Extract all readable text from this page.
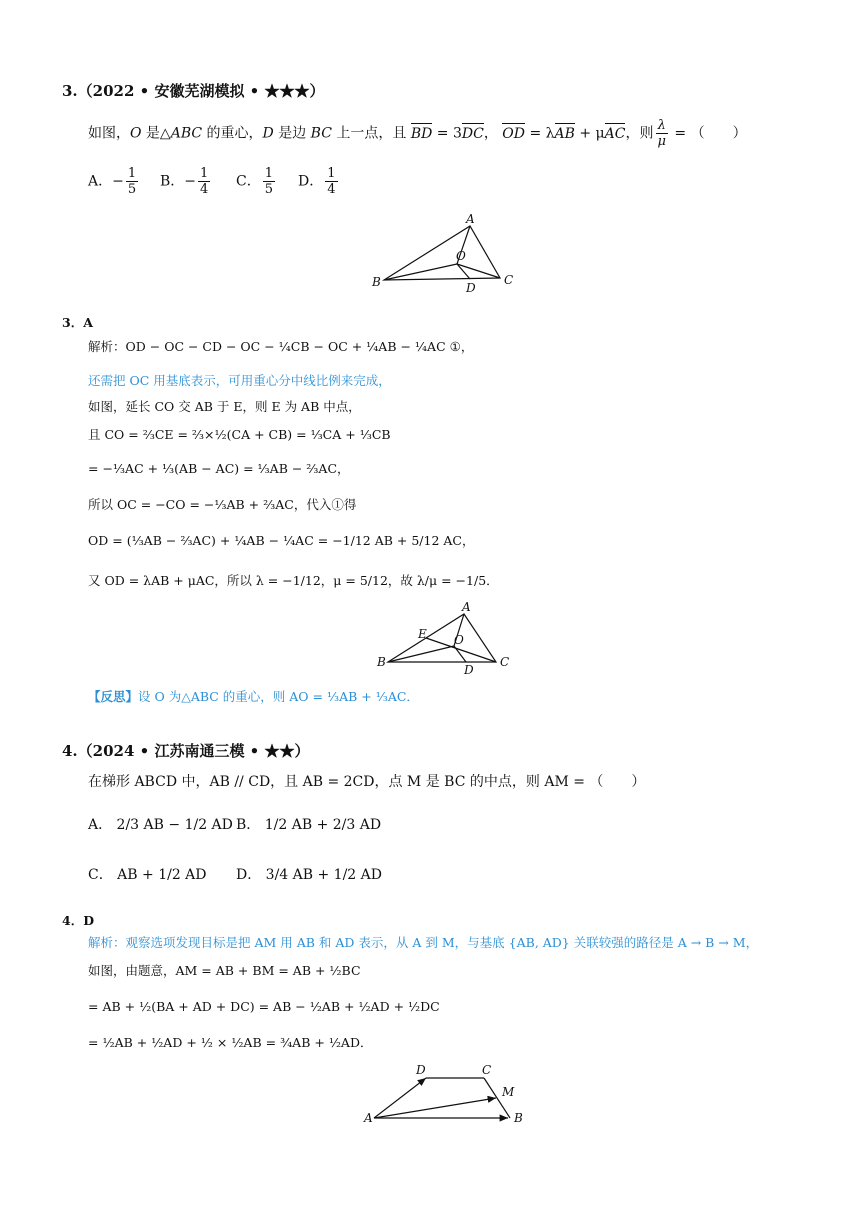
3.（2022 • 安徽芜湖模拟 • ★★★）
如图，O 是△ABC 的重心，D 是边 BC 上一点，且 BD = 3DC， OD = λAB + μAC，则 $\frac{\lambda}{\mu}$ = （　　）
A．− $\frac{1}{5}$ B．− $\frac{1}{4}$ C． $\frac{1}{5}$ D． $\frac{1}{4}$
A
B	C
D
O
3．A
解析：OD − OC − CD − OC − ¼CB − OC + ¼AB − ¼AC ①，
还需把 OC 用基底表示，可用重心分中线比例来完成，
如图，延长 CO 交 AB 于 E，则 E 为 AB 中点，
且 CO = ⅔CE = ⅔×½(CA + CB) = ⅓CA + ⅓CB
= −⅓AC + ⅓(AB − AC) = ⅓AB − ⅔AC，
所以 OC = −CO = −⅓AB + ⅔AC，代入①得
OD = (⅓AB − ⅔AC) + ¼AB − ¼AC = −1/12 AB + 5/12 AC，
又 OD = λAB + μAC，所以 λ = −1/12，μ = 5/12，故 λ/μ = −1/5．
A
B	C
D
E O
【反思】设 O 为△ABC 的重心，则 AO = ⅓AB + ⅓AC．
4.（2024 • 江苏南通三模 • ★★）
在梯形 ABCD 中，AB // CD，且 AB = 2CD，点 M 是 BC 的中点，则 AM = （　　）
A． 2/3 AB − 1/2 AD B． 1/2 AB + 2/3 AD
C． AB + 1/2 AD D． 3/4 AB + 1/2 AD
4．D
解析：观察选项发现目标是把 AM 用 AB 和 AD 表示，从 A 到 M，与基底 {AB, AD} 关联较强的路径是 A → B → M，
如图，由题意，AM = AB + BM = AB + ½BC
= AB + ½(BA + AD + DC) = AB − ½AB + ½AD + ½DC
= ½AB + ½AD + ½ × ½AB = ¾AB + ½AD．
A	B
C
D
M
